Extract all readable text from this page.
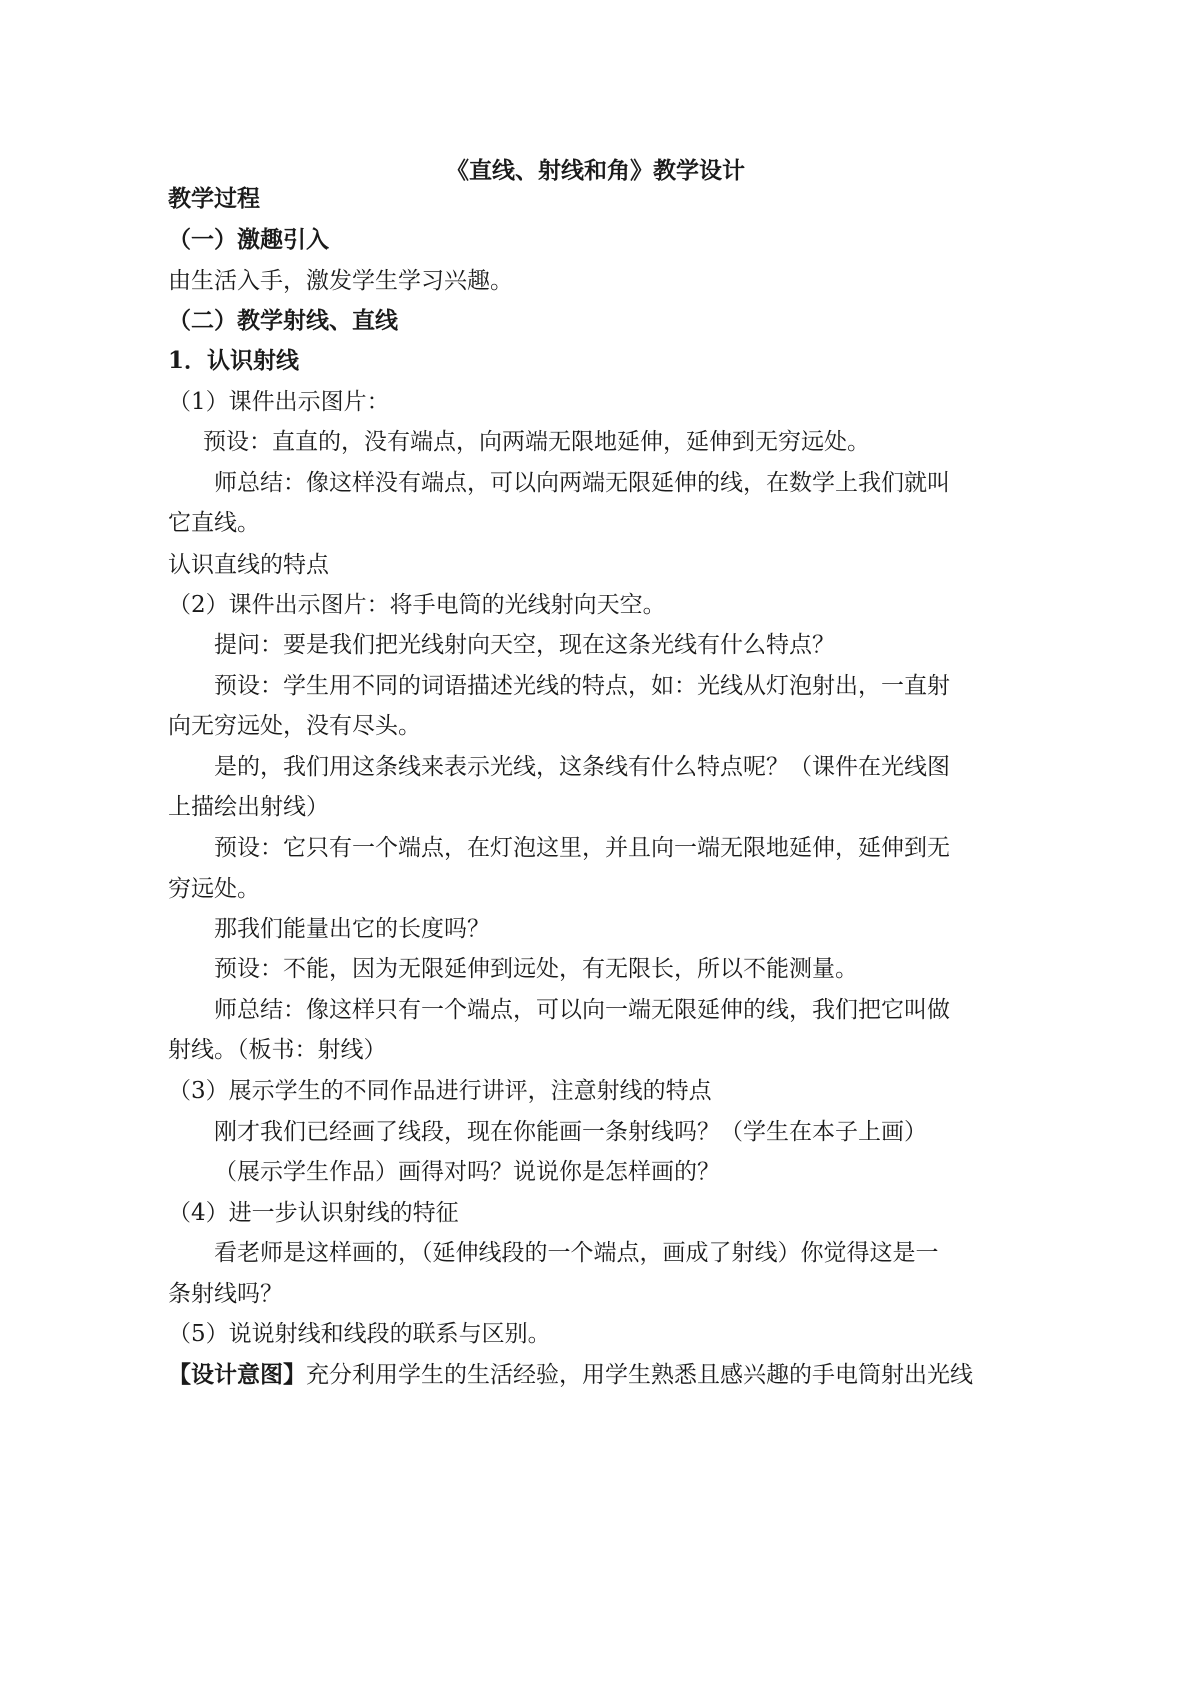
《直线、射线和角》教学设计
教学过程
（一）激趣引入
由生活入手，激发学生学习兴趣。
（二）教学射线、直线
1．认识射线
（1）课件出示图片：
预设：直直的，没有端点，向两端无限地延伸，延伸到无穷远处。
师总结：像这样没有端点，可以向两端无限延伸的线，在数学上我们就叫
它直线。
认识直线的特点
（2）课件出示图片：将手电筒的光线射向天空。
提问：要是我们把光线射向天空，现在这条光线有什么特点？
预设：学生用不同的词语描述光线的特点，如：光线从灯泡射出，一直射
向无穷远处，没有尽头。
是的，我们用这条线来表示光线，这条线有什么特点呢？（课件在光线图
上描绘出射线）
预设：它只有一个端点，在灯泡这里，并且向一端无限地延伸，延伸到无
穷远处。
那我们能量出它的长度吗？
预设：不能，因为无限延伸到远处，有无限长，所以不能测量。
师总结：像这样只有一个端点，可以向一端无限延伸的线，我们把它叫做
射线。（板书：射线）
（3）展示学生的不同作品进行讲评，注意射线的特点
刚才我们已经画了线段，现在你能画一条射线吗？（学生在本子上画）
（展示学生作品）画得对吗？说说你是怎样画的？
（4）进一步认识射线的特征
看老师是这样画的，（延伸线段的一个端点，画成了射线）你觉得这是一
条射线吗？
（5）说说射线和线段的联系与区别。
【设计意图】充分利用学生的生活经验，用学生熟悉且感兴趣的手电筒射出光线
